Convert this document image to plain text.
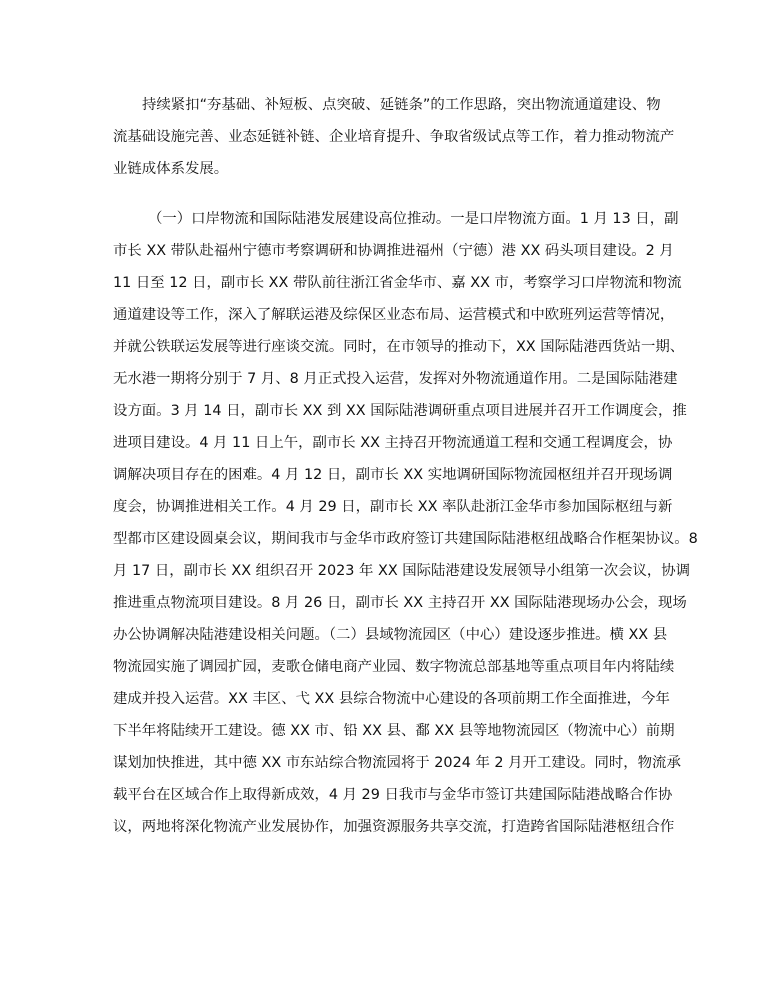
持续紧扣“夯基础、补短板、点突破、延链条”的工作思路，突出物流通道建设、物
流基础设施完善、业态延链补链、企业培育提升、争取省级试点等工作，着力推动物流产
业链成体系发展。
（一）口岸物流和国际陆港发展建设高位推动。一是口岸物流方面。1 月 13 日，副
市长 XX 带队赴福州宁德市考察调研和协调推进福州（宁德）港 XX 码头项目建设。2 月
11 日至 12 日，副市长 XX 带队前往浙江省金华市、嘉 XX 市，考察学习口岸物流和物流
通道建设等工作，深入了解联运港及综保区业态布局、运营模式和中欧班列运营等情况，
并就公铁联运发展等进行座谈交流。同时，在市领导的推动下，XX 国际陆港西货站一期、
无水港一期将分别于 7 月、8 月正式投入运营，发挥对外物流通道作用。二是国际陆港建
设方面。3 月 14 日，副市长 XX 到 XX 国际陆港调研重点项目进展并召开工作调度会，推
进项目建设。4 月 11 日上午，副市长 XX 主持召开物流通道工程和交通工程调度会，协
调解决项目存在的困难。4 月 12 日，副市长 XX 实地调研国际物流园枢纽并召开现场调
度会，协调推进相关工作。4 月 29 日，副市长 XX 率队赴浙江金华市参加国际枢纽与新
型都市区建设圆桌会议，期间我市与金华市政府签订共建国际陆港枢纽战略合作框架协议。8
月 17 日，副市长 XX 组织召开 2023 年 XX 国际陆港建设发展领导小组第一次会议，协调
推进重点物流项目建设。8 月 26 日，副市长 XX 主持召开 XX 国际陆港现场办公会，现场
办公协调解决陆港建设相关问题。（二）县域物流园区（中心）建设逐步推进。横 XX 县
物流园实施了调园扩园，麦歌仓储电商产业园、数字物流总部基地等重点项目年内将陆续
建成并投入运营。XX 丰区、弋 XX 县综合物流中心建设的各项前期工作全面推进，今年
下半年将陆续开工建设。德 XX 市、铅 XX 县、鄱 XX 县等地物流园区（物流中心）前期
谋划加快推进，其中德 XX 市东站综合物流园将于 2024 年 2 月开工建设。同时，物流承
载平台在区域合作上取得新成效，4 月 29 日我市与金华市签订共建国际陆港战略合作协
议，两地将深化物流产业发展协作，加强资源服务共享交流，打造跨省国际陆港枢纽合作
